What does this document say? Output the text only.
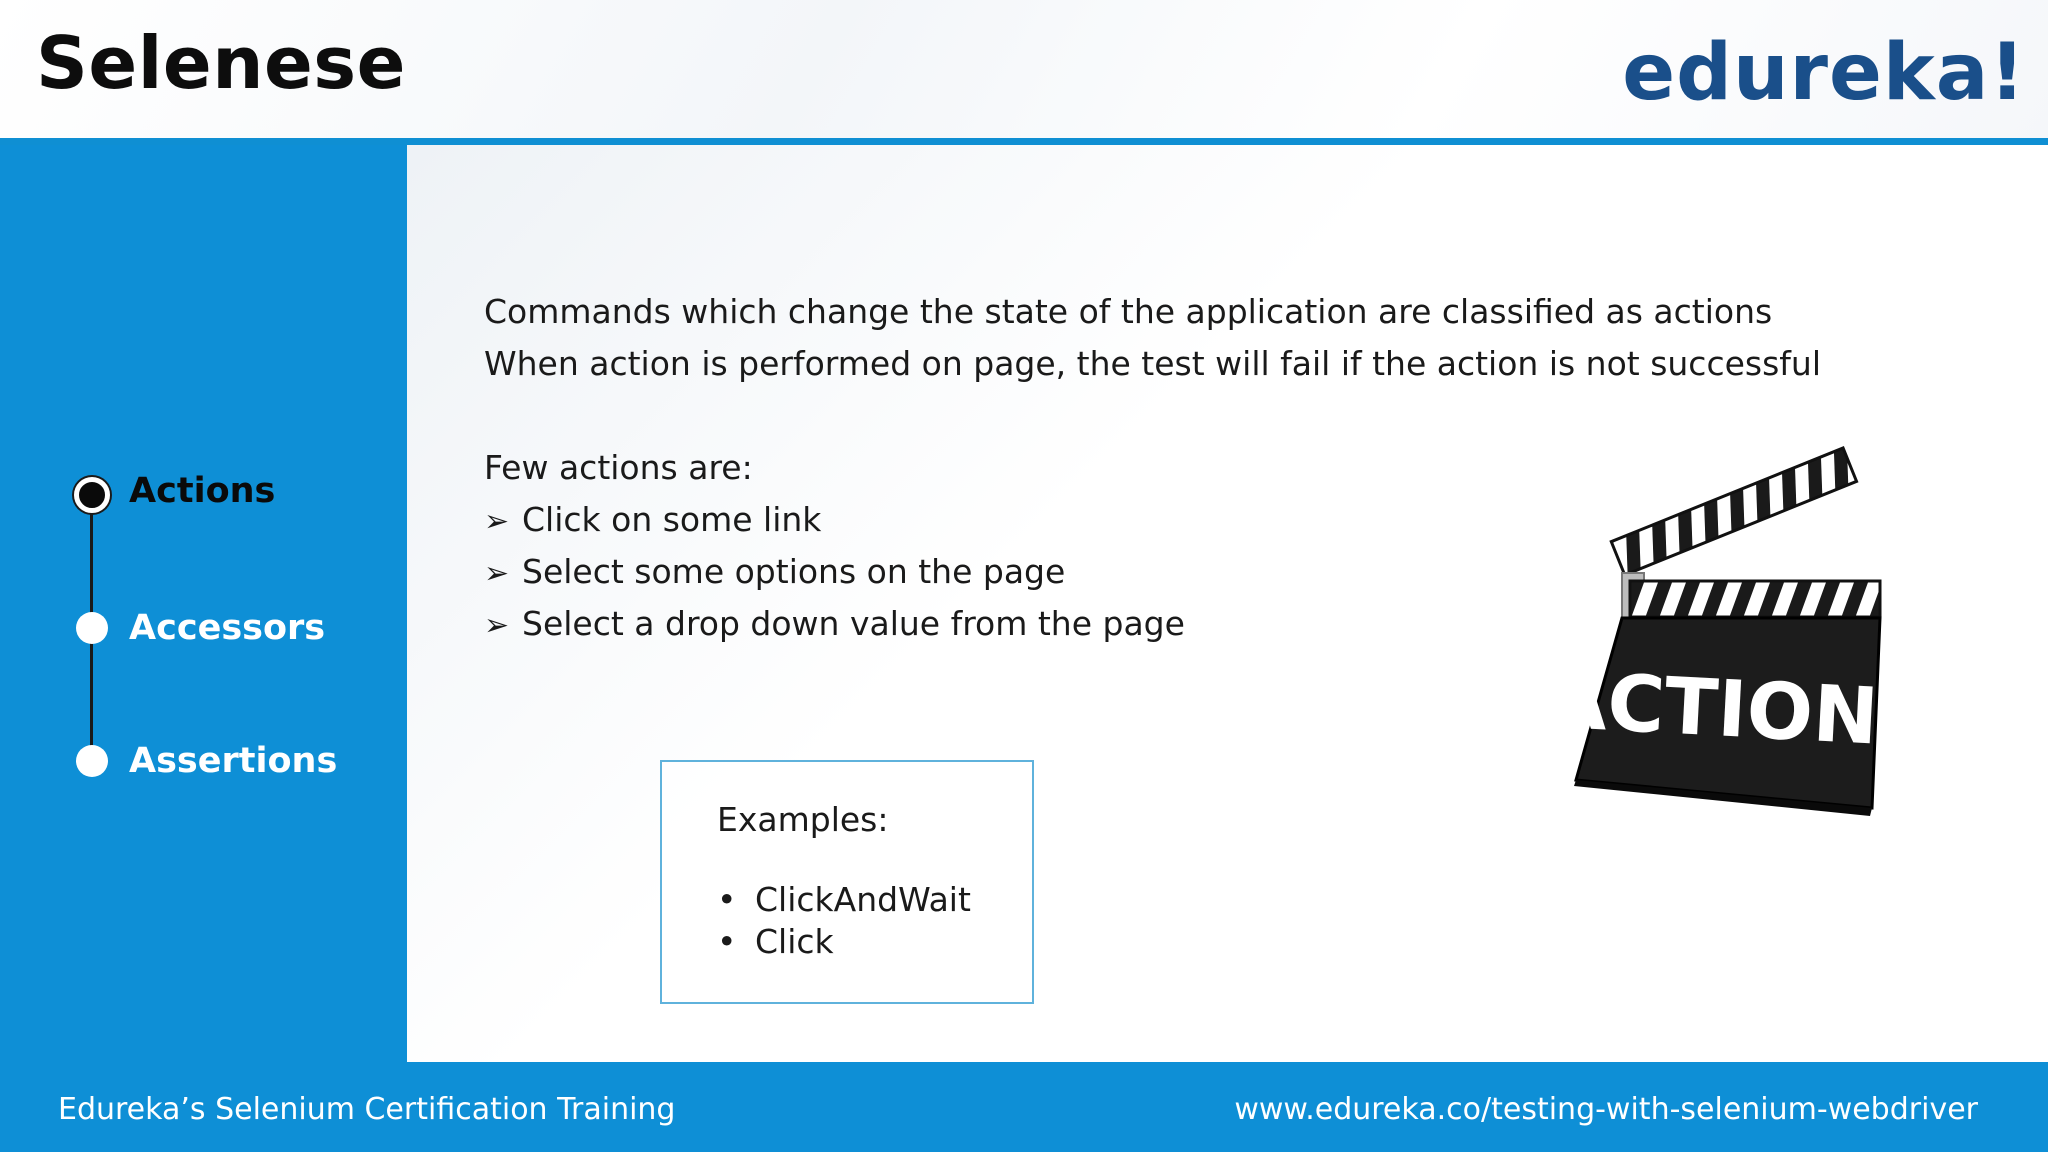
Selenese	edureka!
Actions
Accessors
Assertions
Commands which change the state of the application are classified as actions
When action is performed on page, the test will fail if the action is not successful
Few actions are:
➢ Click on some link
➢ Select some options on the page
➢ Select a drop down value from the page
Examples:
• ClickAndWait
• Click
ACTION!
Edureka’s Selenium Certification Training	www.edureka.co/testing-with-selenium-webdriver
